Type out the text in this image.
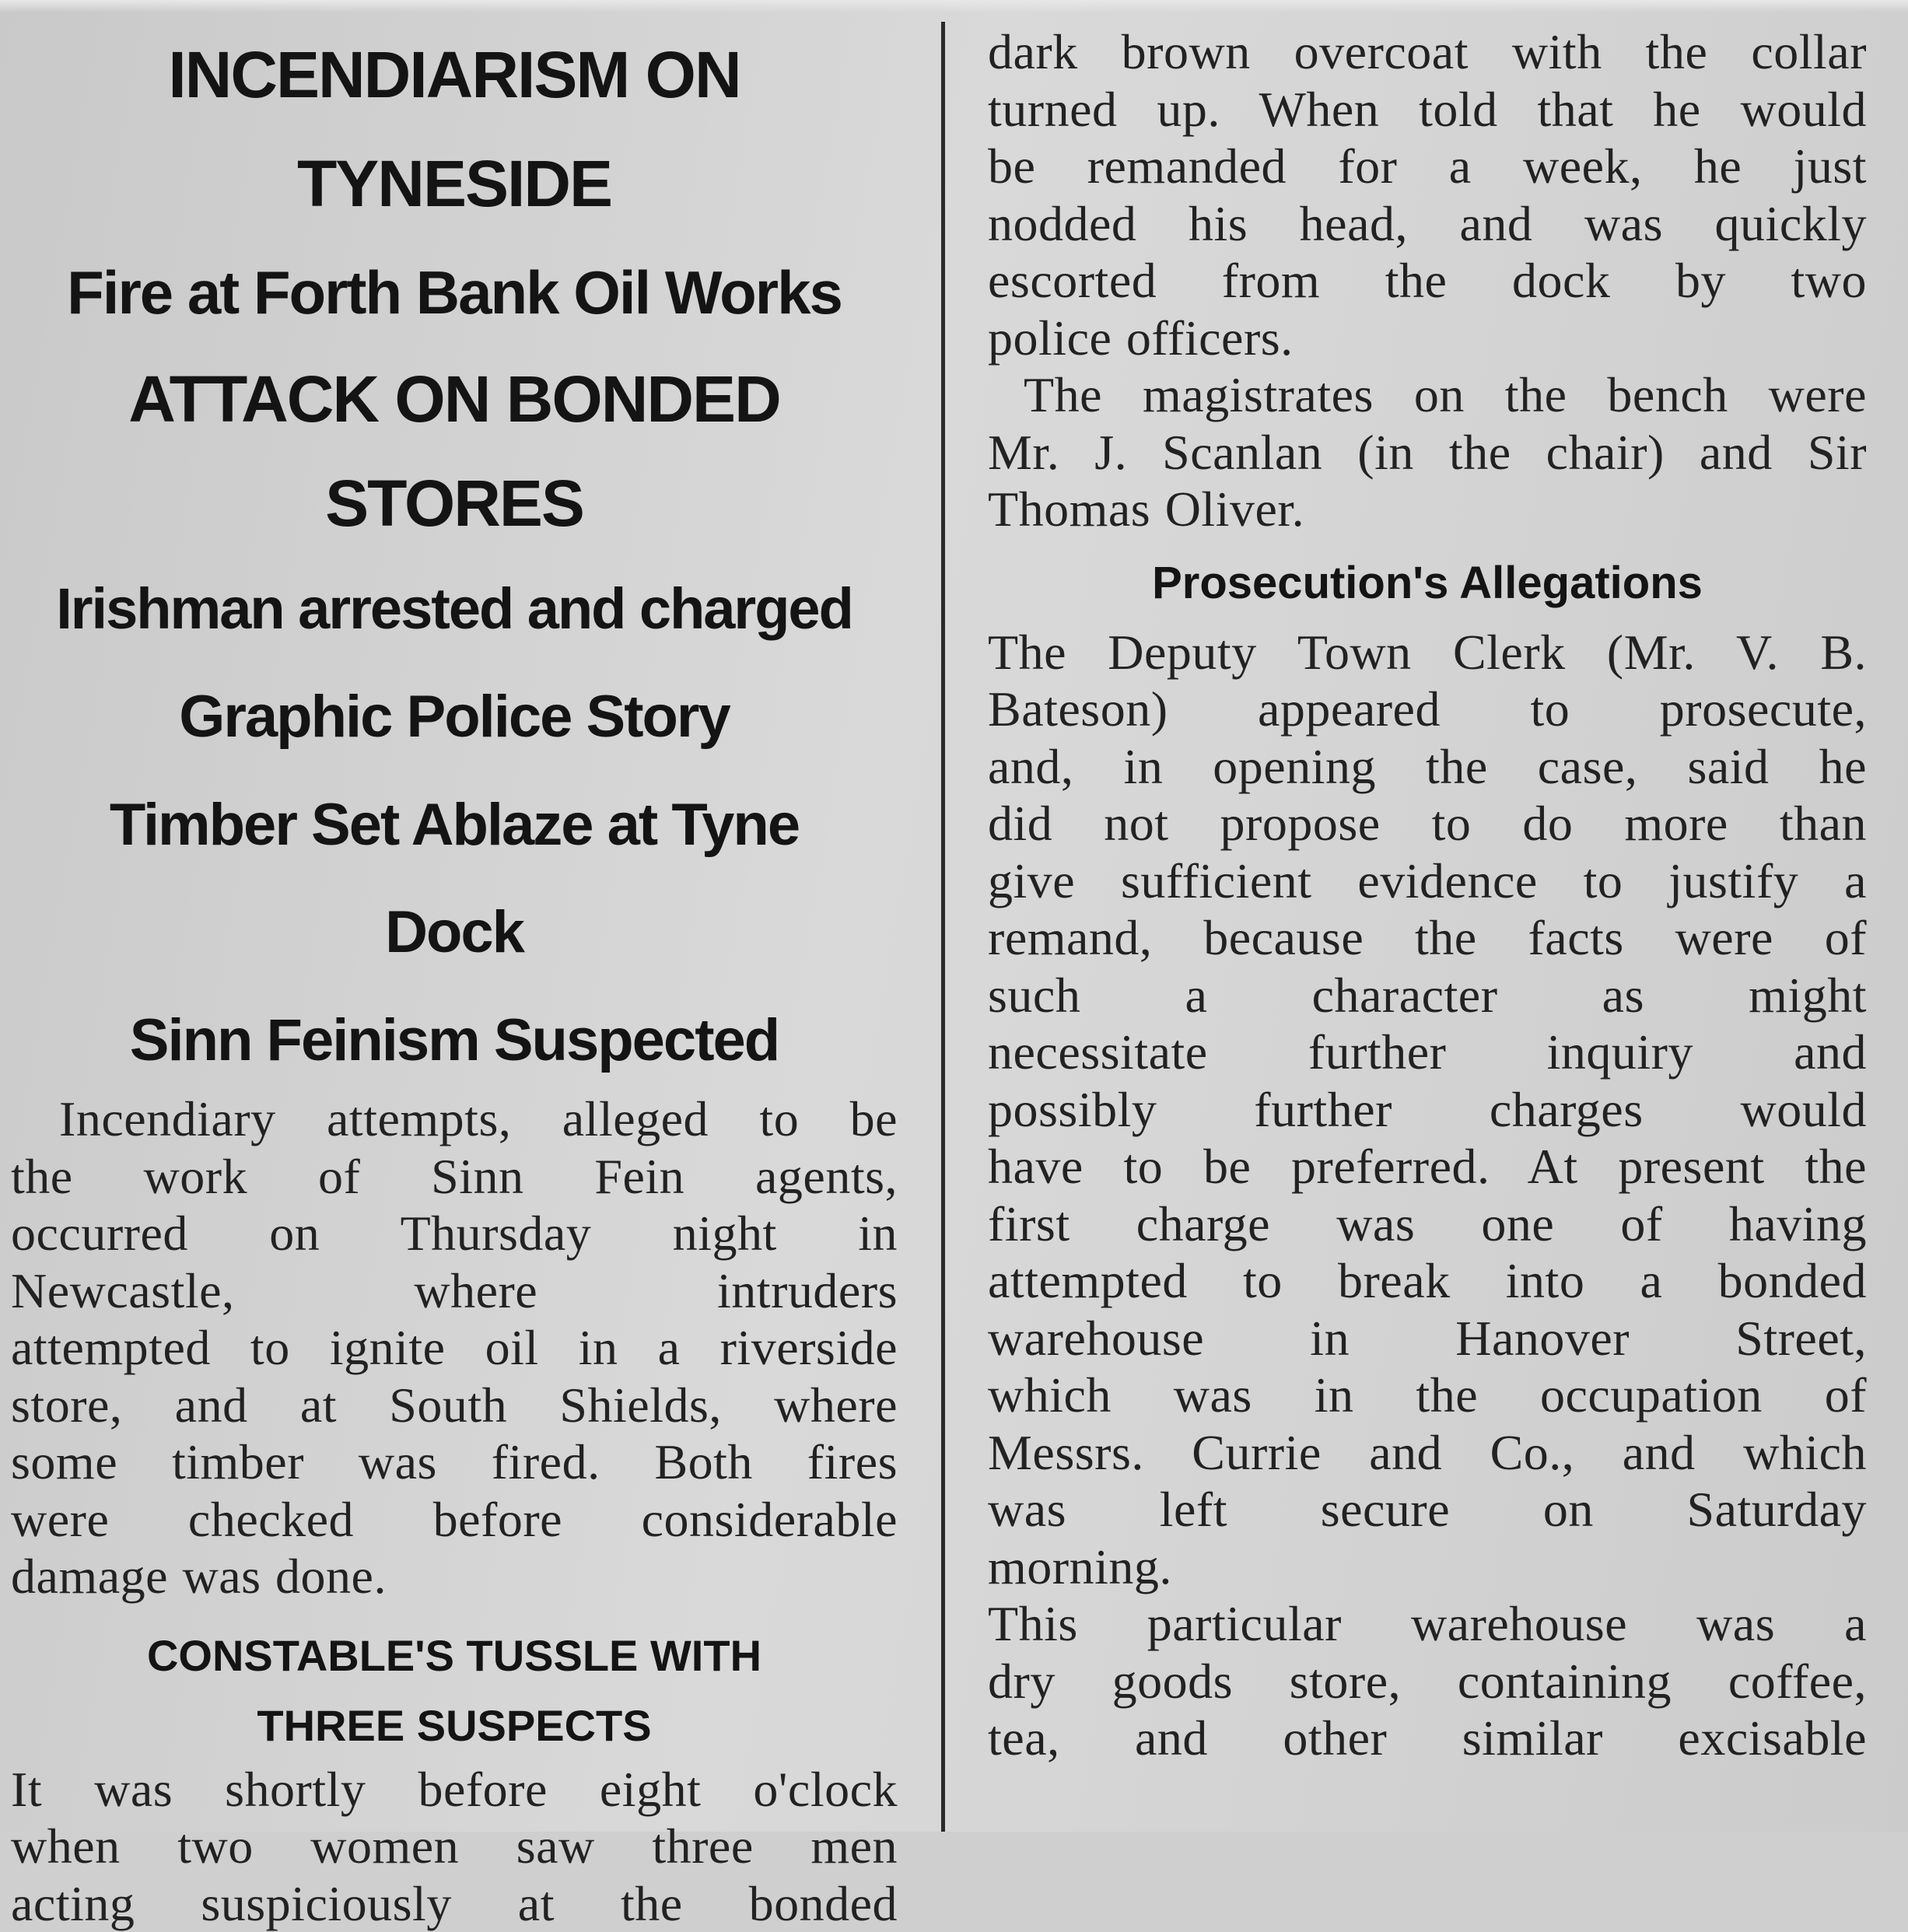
INCENDIARISM ON TYNESIDE

Fire at Forth Bank Oil Works

ATTACK ON BONDED

STORES

Irishman arrested and charged

Graphic Police Story

Timber Set Ablaze at Tyne

Dock

Sinn Feinism Suspected

Incendiary attempts, alleged to be
the work of Sinn Fein agents,
occurred on Thursday night in
Newcastle, where intruders
attempted to ignite oil in a riverside
store, and at South Shields, where
some timber was fired. Both fires
were checked before considerable
damage was done.

CONSTABLE'S TUSSLE WITH

THREE SUSPECTS

It was shortly before eight o'clock
when two women saw three men
acting suspiciously at the bonded
dark brown overcoat with the collar
turned up. When told that he would
be remanded for a week, he just
nodded his head, and was quickly
escorted from the dock by two
police officers.
The magistrates on the bench were
Mr. J. Scanlan (in the chair) and Sir
Thomas Oliver.

Prosecution's Allegations

The Deputy Town Clerk (Mr. V. B.
Bateson) appeared to prosecute,
and, in opening the case, said he
did not propose to do more than
give sufficient evidence to justify a
remand, because the facts were of
such a character as might
necessitate further inquiry and
possibly further charges would
have to be preferred. At present the
first charge was one of having
attempted to break into a bonded
warehouse in Hanover Street,
which was in the occupation of
Messrs. Currie and Co., and which
was left secure on Saturday
morning.
This particular warehouse was a
dry goods store, containing coffee,
tea, and other similar excisable
